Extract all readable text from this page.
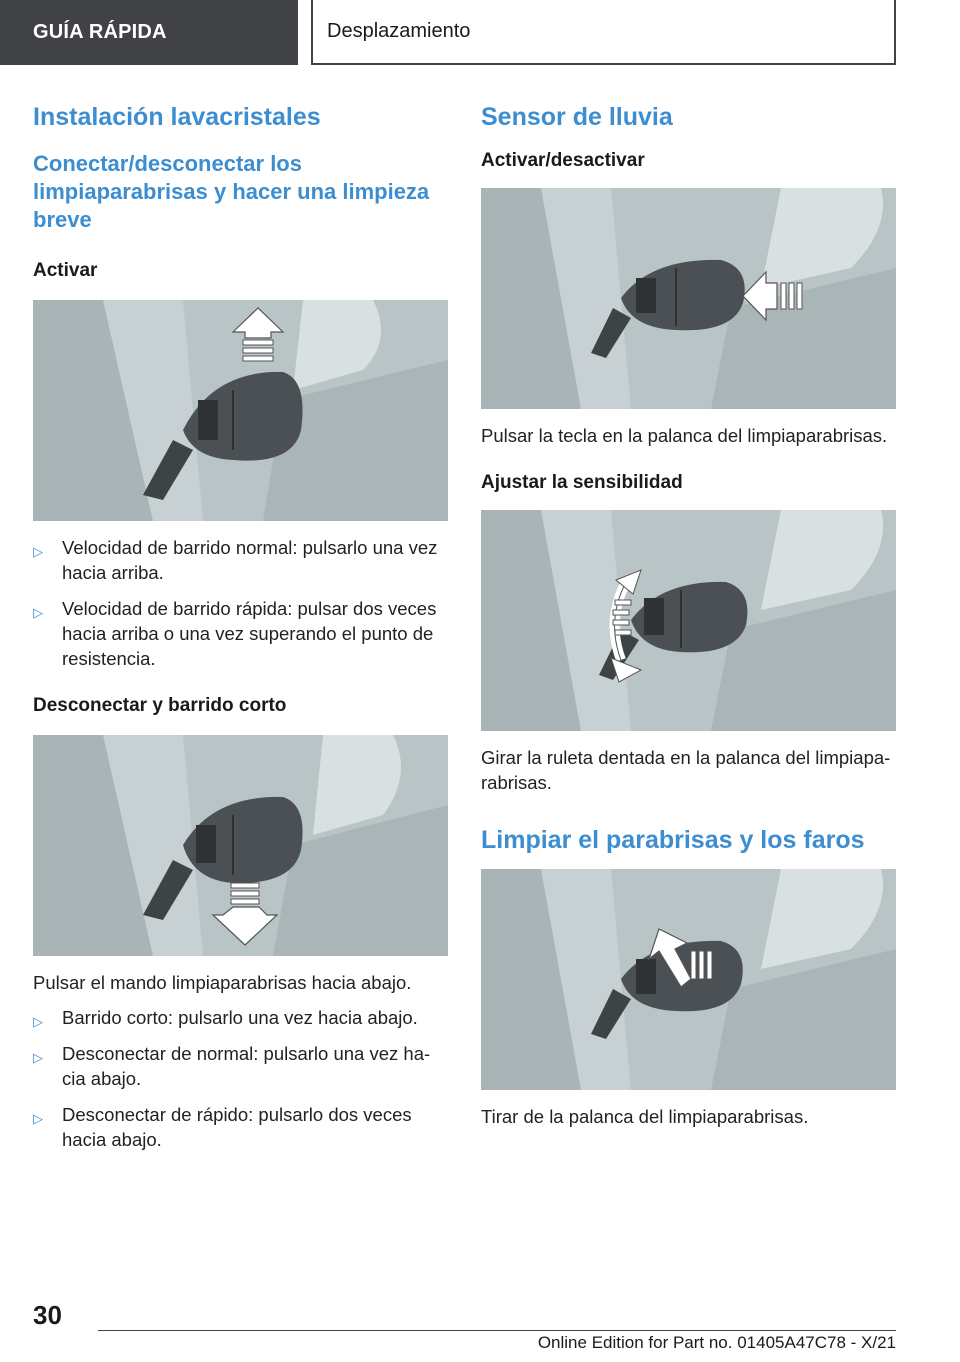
GUÍA RÁPIDA	Desplazamiento
Instalación lavacristales
Conectar/desconectar los limpiaparabrisas y hacer una limpieza breve
Activar
▷ Velocidad de barrido normal: pulsarlo una vez hacia arriba.
▷ Velocidad de barrido rápida: pulsar dos veces hacia arriba o una vez superando el punto de resistencia.
Desconectar y barrido corto
Pulsar el mando limpiaparabrisas hacia abajo.
▷ Barrido corto: pulsarlo una vez hacia abajo.
▷ Desconectar de normal: pulsarlo una vez ha-cia abajo.
▷ Desconectar de rápido: pulsarlo dos veces hacia abajo.
Sensor de lluvia
Activar/desactivar
Pulsar la tecla en la palanca del limpiaparabrisas.
Ajustar la sensibilidad
Girar la ruleta dentada en la palanca del limpiapa-rabrisas.
Limpiar el parabrisas y los faros
Tirar de la palanca del limpiaparabrisas.
30
Online Edition for Part no. 01405A47C78 - X/21
